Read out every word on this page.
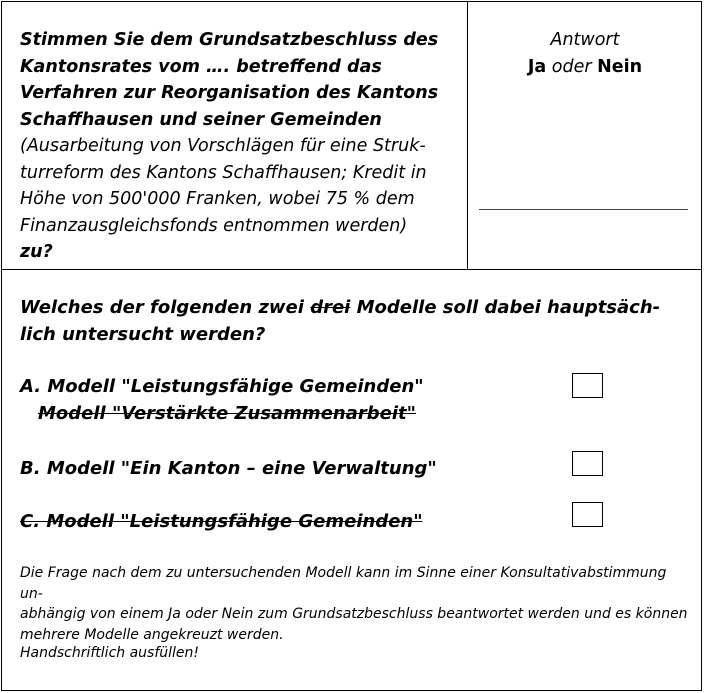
Stimmen Sie dem Grundsatzbeschluss des
Kantonsrates vom …. betreffend das
Verfahren zur Reorganisation des Kantons
Schaffhausen und seiner Gemeinden
(Ausarbeitung von Vorschlägen für eine Struk-
turreform des Kantons Schaffhausen; Kredit in
Höhe von 500'000 Franken, wobei 75 % dem
Finanzausgleichsfonds entnommen werden)
zu?
Antwort
Ja oder Nein
Welches der folgenden zwei drei Modelle soll dabei hauptsäch-
lich untersucht werden?
A. Modell "Leistungsfähige Gemeinden"
Modell "Verstärkte Zusammenarbeit"
B. Modell "Ein Kanton – eine Verwaltung"
C. Modell "Leistungsfähige Gemeinden"
Die Frage nach dem zu untersuchenden Modell kann im Sinne einer Konsultativabstimmung un-
abhängig von einem Ja oder Nein zum Grundsatzbeschluss beantwortet werden und es können
mehrere Modelle angekreuzt werden.
Handschriftlich ausfüllen!
